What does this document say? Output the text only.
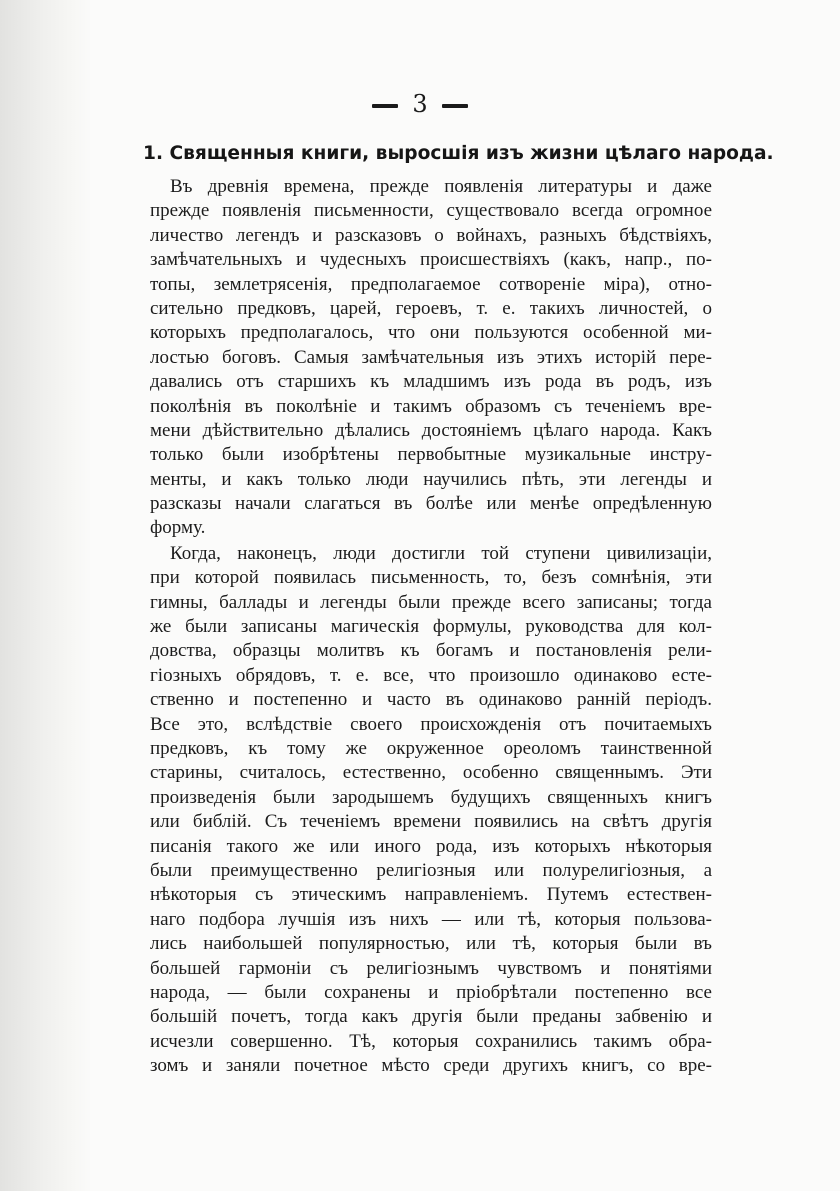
3
1. Священныя книги, выросшія изъ жизни цѣлаго народа.
Въ древнія времена, прежде появленія литературы и даже
прежде появленія письменности, существовало всегда огромное
личество легендъ и разсказовъ о войнахъ, разныхъ бѣдствіяхъ,
замѣчательныхъ и чудесныхъ происшествіяхъ (какъ, напр., по-
топы, землетрясенія, предполагаемое сотвореніе міра), отно-
сительно предковъ, царей, героевъ, т. е. такихъ личностей, о
которыхъ предполагалось, что они пользуются особенной ми-
лостью боговъ. Самыя замѣчательныя изъ этихъ исторій пере-
давались отъ старшихъ къ младшимъ изъ рода въ родъ, изъ
поколѣнія въ поколѣніе и такимъ образомъ съ теченіемъ вре-
мени дѣйствительно дѣлались достояніемъ цѣлаго народа. Какъ
только были изобрѣтены первобытные музикальные инстру-
менты, и какъ только люди научились пѣть, эти легенды и
разсказы начали слагаться въ болѣе или менѣе опредѣленную
форму.
Когда, наконецъ, люди достигли той ступени цивилизаціи,
при которой появилась письменность, то, безъ сомнѣнія, эти
гимны, баллады и легенды были прежде всего записаны; тогда
же были записаны магическія формулы, руководства для кол-
довства, образцы молитвъ къ богамъ и постановленія рели-
гіозныхъ обрядовъ, т. е. все, что произошло одинаково есте-
ственно и постепенно и часто въ одинаково ранній періодъ.
Все это, вслѣдствіе своего происхожденія отъ почитаемыхъ
предковъ, къ тому же окруженное ореоломъ таинственной
старины, считалось, естественно, особенно священнымъ. Эти
произведенія были зародышемъ будущихъ священныхъ книгъ
или библій. Съ теченіемъ времени появились на свѣтъ другія
писанія такого же или иного рода, изъ которыхъ нѣкоторыя
были преимущественно религіозныя или полурелигіозныя, а
нѣкоторыя съ этическимъ направленіемъ. Путемъ естествен-
наго подбора лучшія изъ нихъ — или тѣ, которыя пользова-
лись наибольшей популярностью, или тѣ, которыя были въ
большей гармоніи съ религіознымъ чувствомъ и понятіями
народа, — были сохранены и пріобрѣтали постепенно все
большій почетъ, тогда какъ другія были преданы забвенію и
исчезли совершенно. Тѣ, которыя сохранились такимъ обра-
зомъ и заняли почетное мѣсто среди другихъ книгъ, со вре-
